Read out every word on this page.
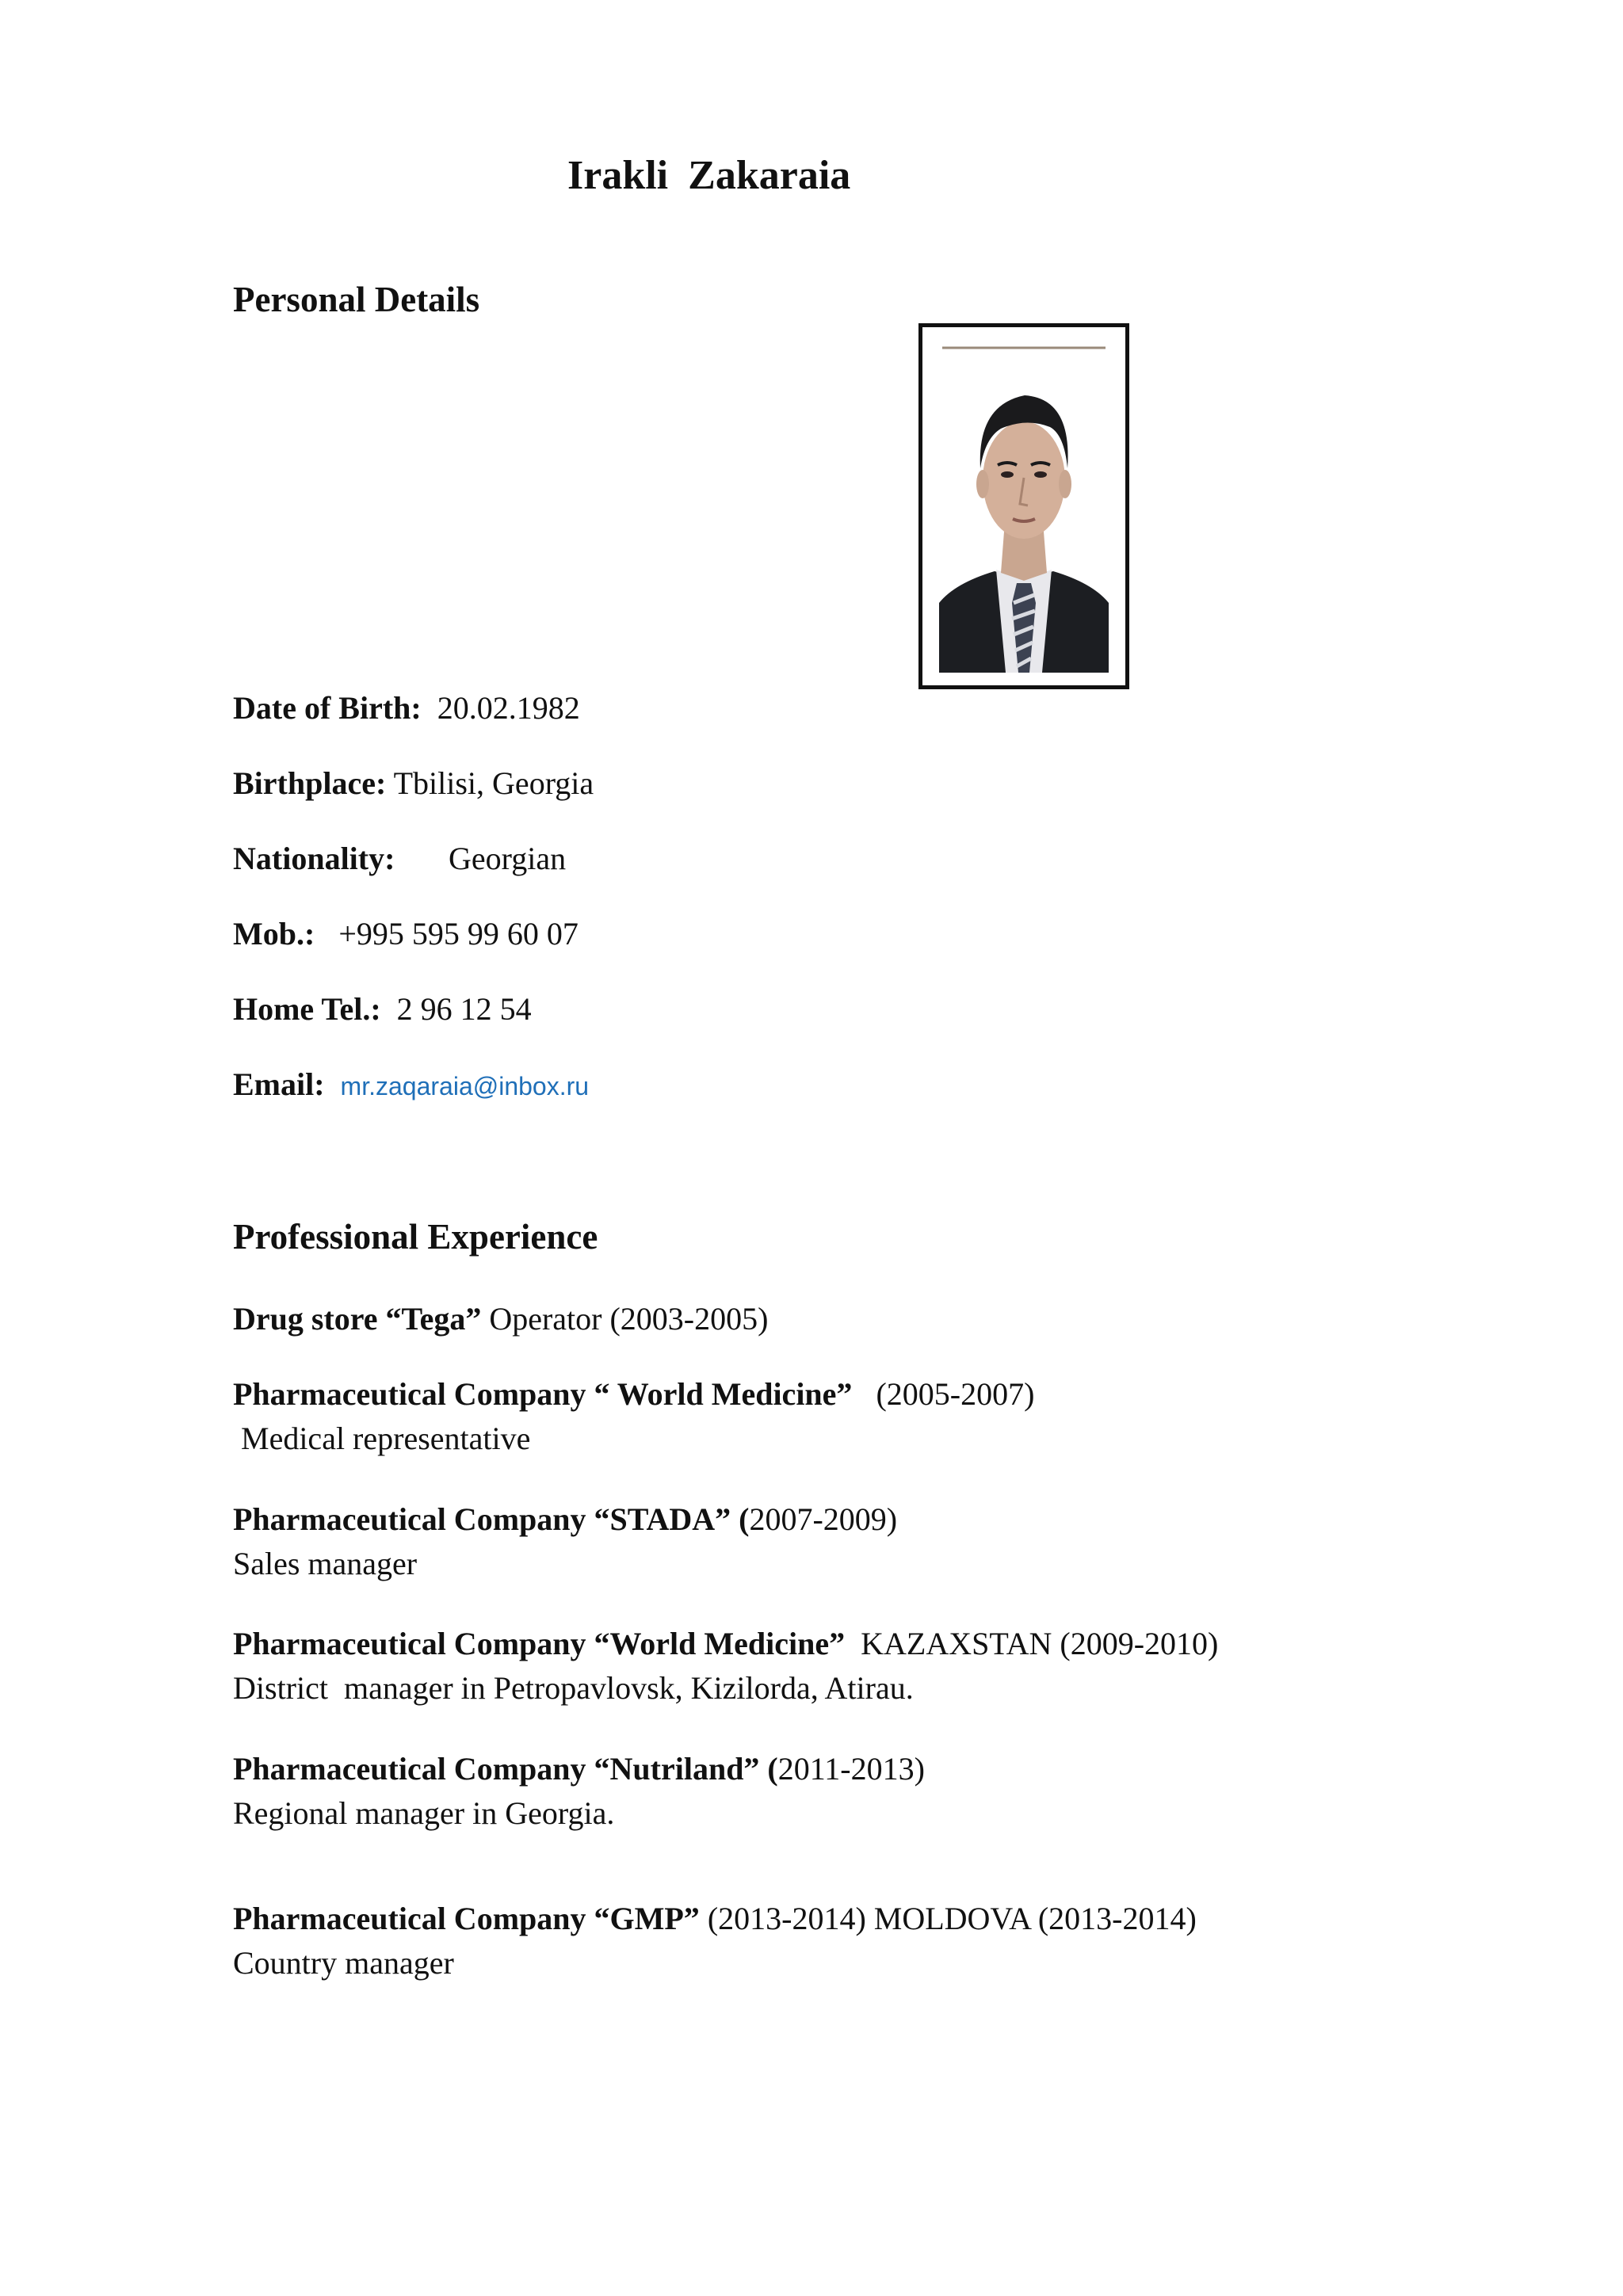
Irakli Zakaraia
Personal Details
Date of Birth: 20.02.1982
Birthplace: Tbilisi, Georgia
Nationality: Georgian
Mob.: +995 595 99 60 07
Home Tel.: 2 96 12 54
Email: mr.zaqaraia@inbox.ru
Professional Experience
Drug store “Tega” Operator (2003-2005)
Pharmaceutical Company “ World Medicine”   (2005-2007)
Medical representative
Pharmaceutical Company “STADA” (2007-2009)
Sales manager
Pharmaceutical Company “World Medicine”  KAZAXSTAN (2009-2010)
District  manager in Petropavlovsk, Kizilorda, Atirau.
Pharmaceutical Company “Nutriland” (2011-2013)
Regional manager in Georgia.
Pharmaceutical Company “GMP” (2013-2014) MOLDOVA (2013-2014)
Country manager
